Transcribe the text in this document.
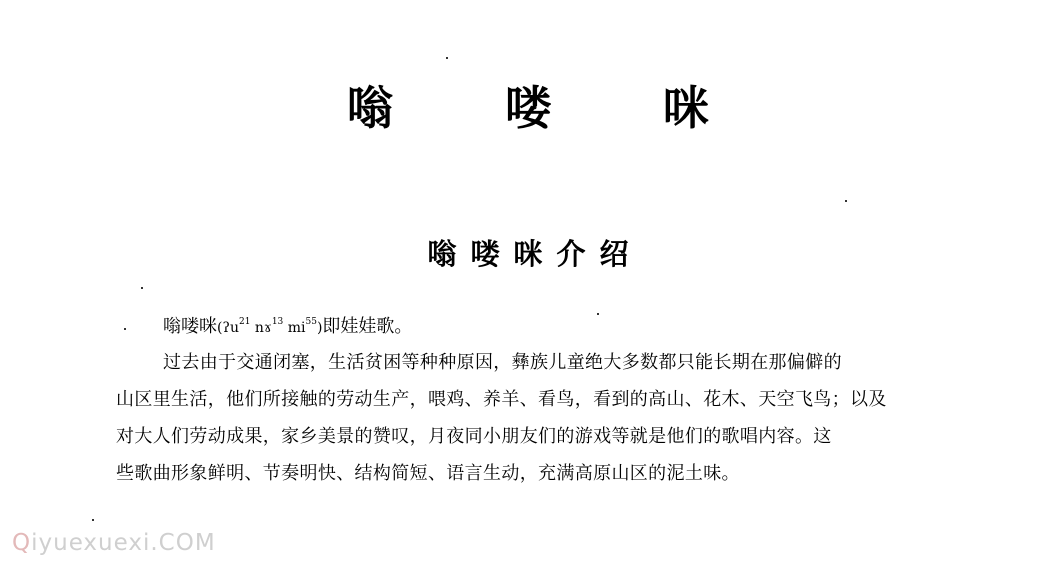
嗡 喽 咪
嗡喽咪介绍
嗡喽咪(ʔu$^{21}$ nɤ$^{13}$ $mi^{55}$)即娃娃歌。
过去由于交通闭塞，生活贫困等种种原因，彝族儿童绝大多数都只能长期在那偏僻的
山区里生活，他们所接触的劳动生产，喂鸡、养羊、看鸟，看到的高山、花木、天空飞鸟；以及
对大人们劳动成果，家乡美景的赞叹，月夜同小朋友们的游戏等就是他们的歌唱内容。这
些歌曲形象鲜明、节奏明快、结构简短、语言生动，充满高原山区的泥土味。
Qiyuexuexi.COM
